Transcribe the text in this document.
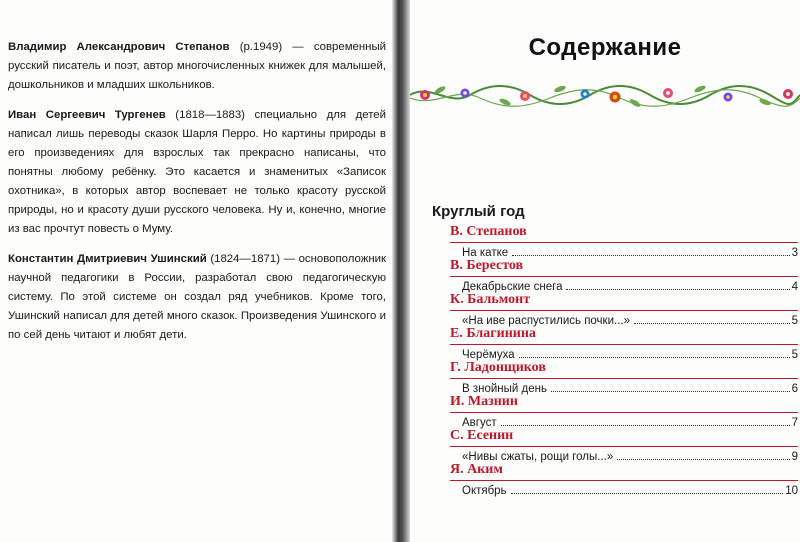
Владимир Александрович Степанов (р.1949) — современный русский писатель и поэт, автор многочисленных книжек для малышей, дошкольников и младших школьников.

Иван Сергеевич Тургенев (1818—1883) специально для детей написал лишь переводы сказок Шарля Перро. Но картины природы в его произведениях для взрослых так прекрасно написаны, что понятны любому ребёнку. Это касается и знаменитых «Записок охотника», в которых автор воспевает не только красоту русской природы, но и красоту души русского человека. Ну и, конечно, многие из вас прочтут повесть о Муму.

Константин Дмитриевич Ушинский (1824—1871) — основоположник научной педагогики в России, разработал свою педагогическую систему. По этой системе он создал ряд учебников. Кроме того, Ушинский написал для детей много сказок. Произведения Ушинского и по сей день читают и любят дети.

Содержание
Круглый год
В. Степанов
На катке	3
В. Берестов
Декабрьские снега	4
К. Бальмонт
«На иве распустились почки...»	5
Е. Благинина
Черёмуха	5
Г. Ладонщиков
В знойный день	6
И. Мазнин
Август	7
С. Есенин
«Нивы сжаты, рощи голы...»	9
Я. Аким
Октябрь	10
